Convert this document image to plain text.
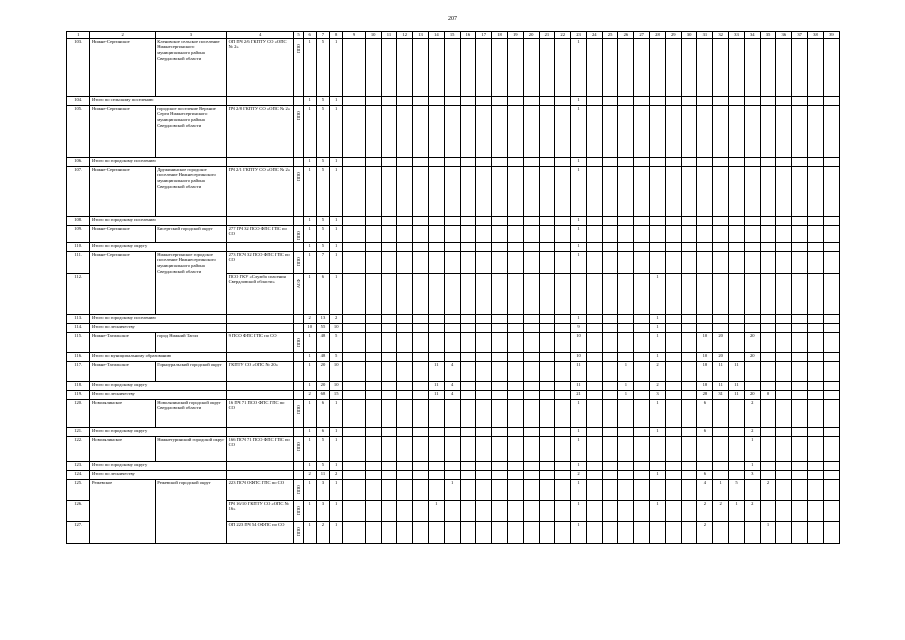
207
1	2	3	4	5	6	7	8	9	10	11	12	13	14	15	16	17	18	19	20	21	22	23	24	25	26	27	28	29	30	31	32	33	34	35	36	37	38	39
103.	Нижне-Сергинское	Кленовское сельское поселение Нижнесергинского муниципального района Свердловской области	ОП ПЧ 2/6 ГКПТУ СО «ОПС № 2»	ППО	1	5	1															1																
104.	Итого по сельскому поселению				1	5	1															1																
105.	Нижне-Сергинское	городское поселение Верхние Серги Нижнесергинского муниципального района Свердловской области	ПЧ 2/8 ГКПТУ СО «ОПС № 2»	ППО	1	5	1															1																
106.	Итого по городскому поселению				1	5	1															1																
107.	Нижне-Сергинское	Дружининское городское поселение Нижнесергинского муниципального района Свердловской области	ПЧ 2/1 ГКПТУ СО «ОПС № 2»	ППО	1	5	1															1																
108.	Итого по городскому поселению				1	5	1															1																
109.	Нижне-Сергинское	Бисертский городской округ	277 ПЧ 32 ПСО ФПС ГПС по СО	ППО	1	5	1															1																
110.	Итого по городскому округу				1	5	1															1																
111.	Нижне-Сергинское	Нижнесергинское городское поселение Нижнесергинского муниципального района Свердловской области	273 ПСЧ 32 ПСО ФПС ГПС по СО	ППО	1	7	1															1																
112.			ПСО ГКУ «Служба спасения Свердловской области»	АСФ	1	6	1																				1											
113.	Итого по городскому поселению				2	13	2															1					1											
114.	Итого по лесничеству				10	55	10															9					1											
115.	Нижне-Тагильское	город Нижний Тагил	9 ПСО ФПС ГПС по СО	ППО	1	48	5															10					1			10	20		20					
116.	Итого по муниципальному образованию				1	48	5															10					1			10	20		20					
117.	Нижне-Тагильское	Горноуральский городской округ	ГКПТУ СО «ОПС № 20»		1	20	10						11	4								11			1		2			18	11	11						
118.	Итого по городскому округу				1	20	10						11	4								11			1		2			18	11	11						
119.	Итого по лесничеству				2	68	15						11	4								21			1		3			28	31	11	20	0				
120.	Новолялинское	Новолялинский городской округ Свердловской области	16 ПЧ 71 ПСО ФПС ГПС по СО	ППО	1	6	1															1					1			6			2					
121.	Итого по городскому округу				1	6	1															1					1			6			2					
122.	Новолялинское	Нижнетуринский городской округ	166 ПСЧ 71 ПСО ФПС ГПС по СО	ППО	1	5	1															1											1					
123.	Итого по городскому округу				1	5	1															1											1					
124.	Итого по лесничеству				2	11	2															2					1			6			3					
125.	Режевское	Режевской городской округ	223 ПСЧ ОФПС ГПС по СО	ППО	1	3	1							1								1								4	1	5		2				
126.			ПЧ 16/10 ГКПТУ СО «ОПС № 16»	ППО	1	3	1						1									1					1			2	2	1	2					
127.			ОП 223 ПЧ 54 ОФПС по СО	ППО	1	2	1															1								2				1				
